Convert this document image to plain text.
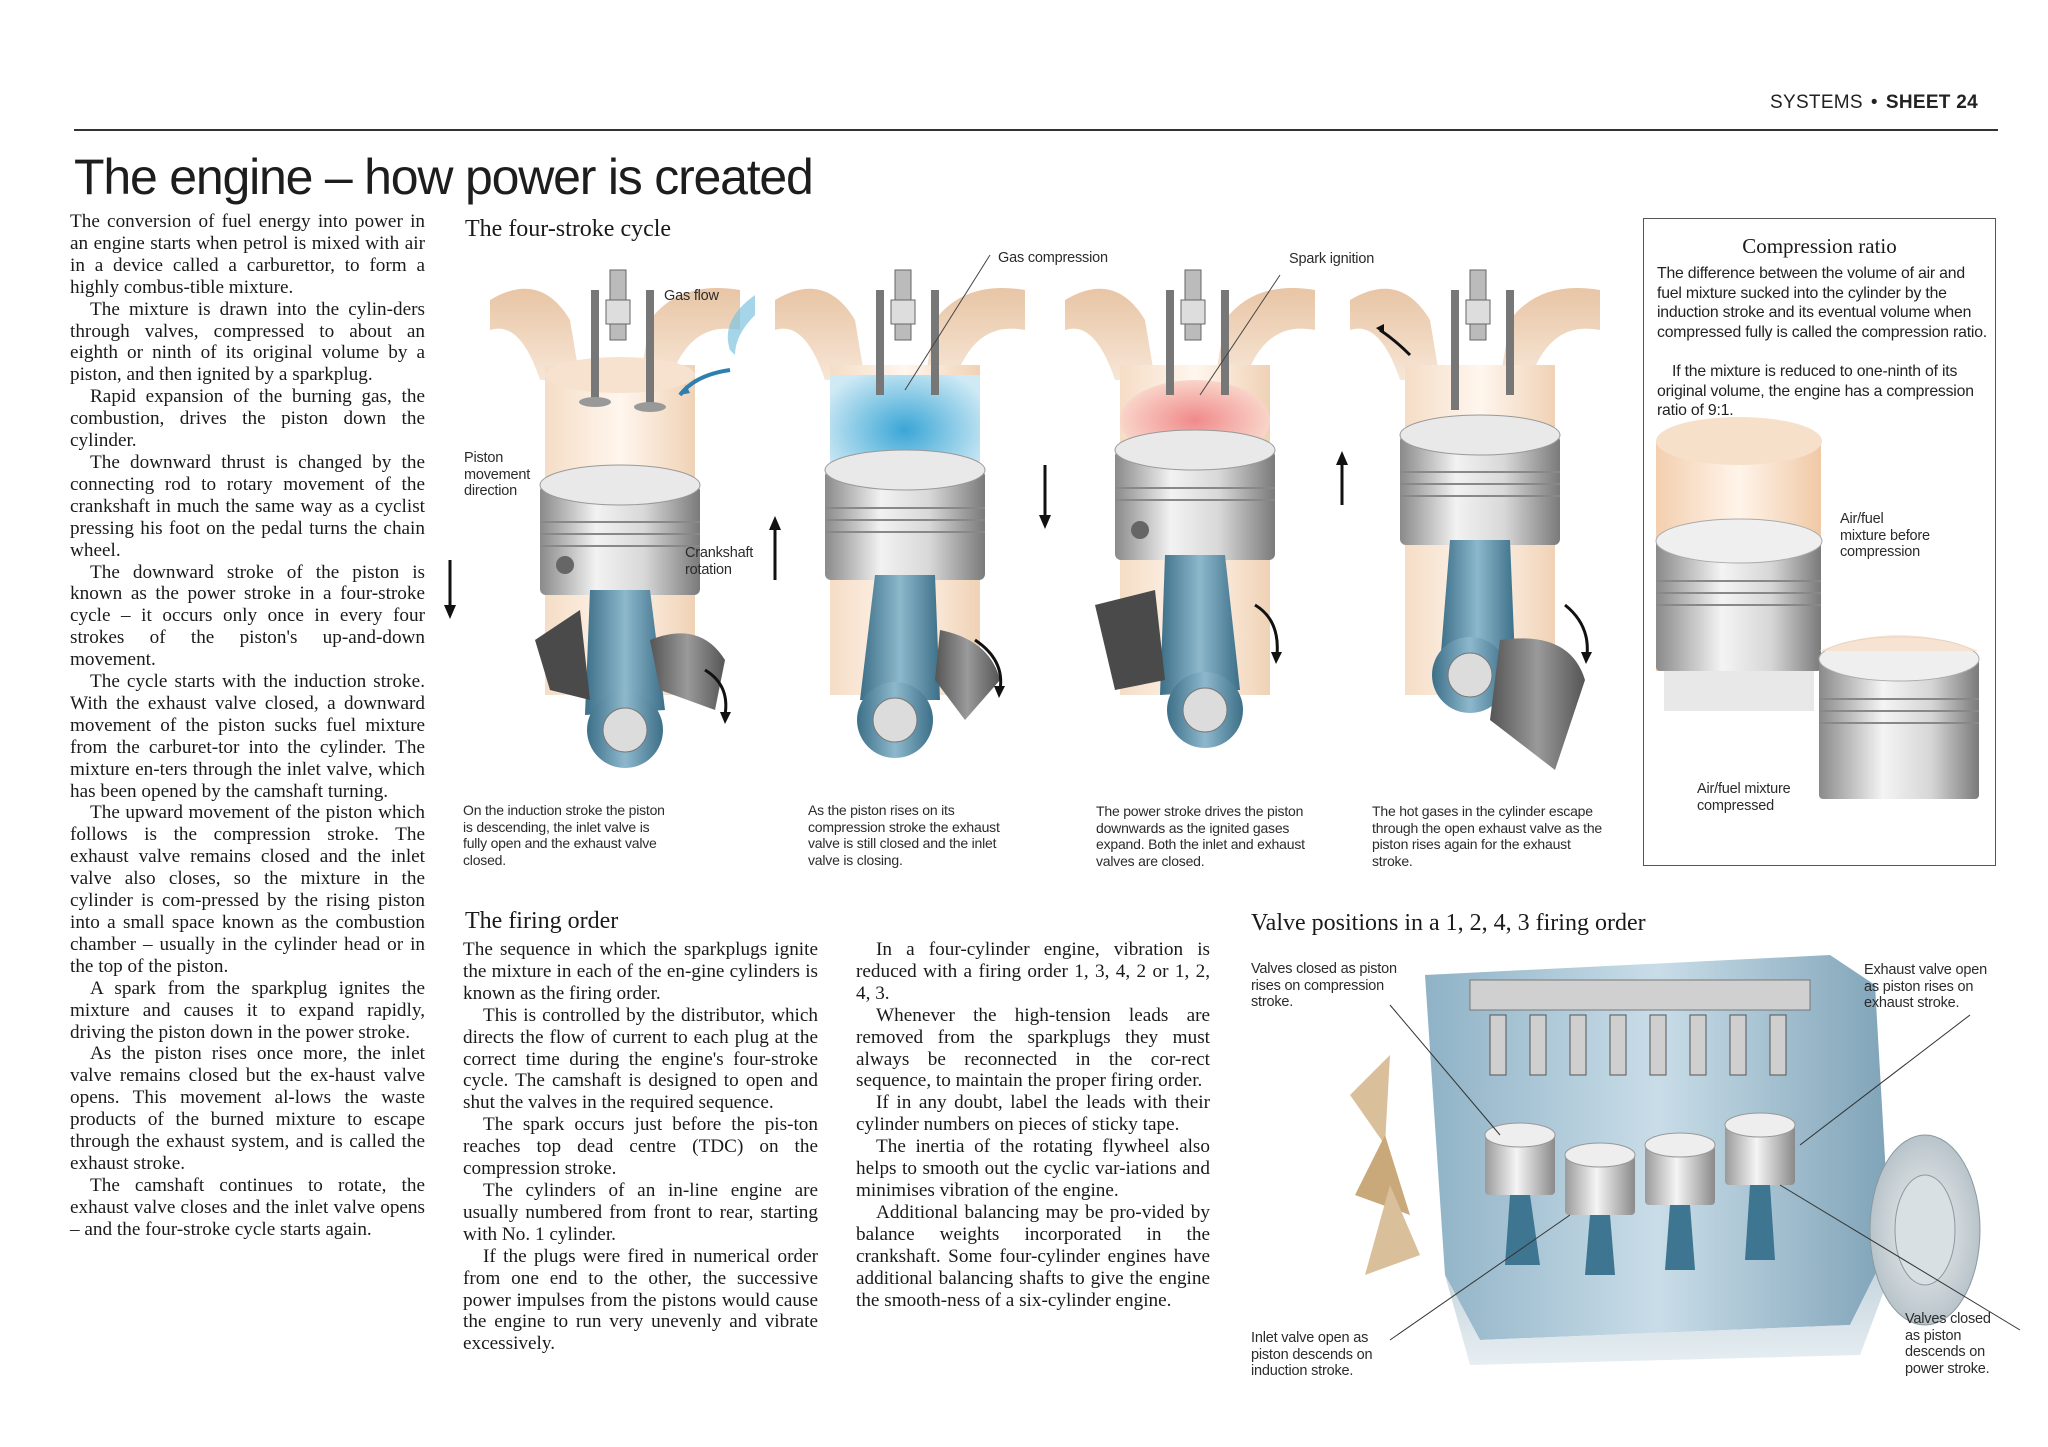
SYSTEMS • SHEET 24
The engine – how power is created

The conversion of fuel energy into power in an engine starts when petrol is mixed with air in a device called a carburettor, to form a highly combus-tible mixture.

The mixture is drawn into the cylin-ders through valves, compressed to about an eighth or ninth of its original volume by a piston, and then ignited by a sparkplug.

Rapid expansion of the burning gas, the combustion, drives the piston down the cylinder.

The downward thrust is changed by the connecting rod to rotary movement of the crankshaft in much the same way as a cyclist pressing his foot on the pedal turns the chain wheel.

The downward stroke of the piston is known as the power stroke in a four-stroke cycle – it occurs only once in every four strokes of the piston's up-and-down movement.

The cycle starts with the induction stroke. With the exhaust valve closed, a downward movement of the piston sucks fuel mixture from the carburet-tor into the cylinder. The mixture en-ters through the inlet valve, which has been opened by the camshaft turning.

The upward movement of the piston which follows is the compression stroke. The exhaust valve remains closed and the inlet valve also closes, so the mixture in the cylinder is com-pressed by the rising piston into a small space known as the combustion chamber – usually in the cylinder head or in the top of the piston.

A spark from the sparkplug ignites the mixture and causes it to expand rapidly, driving the piston down in the power stroke.

As the piston rises once more, the inlet valve remains closed but the ex-haust valve opens. This movement al-lows the waste products of the burned mixture to escape through the exhaust system, and is called the exhaust stroke.

The camshaft continues to rotate, the exhaust valve closes and the inlet valve opens – and the four-stroke cycle starts again.

The four-stroke cycle
Gas flow
Piston movement direction
Crankshaft rotation
Gas compression	Spark ignition
On the induction stroke the piston is descending, the inlet valve is fully open and the exhaust valve closed.
As the piston rises on its compression stroke the exhaust valve is still closed and the inlet valve is closing.
The power stroke drives the piston downwards as the ignited gases expand. Both the inlet and exhaust valves are closed.
The hot gases in the cylinder escape through the open exhaust valve as the piston rises again for the exhaust stroke.
Compression ratio
The difference between the volume of air and fuel mixture sucked into the cylinder by the induction stroke and its eventual volume when compressed fully is called the compression ratio.
If the mixture is reduced to one-ninth of its original volume, the engine has a compression ratio of 9:1.
Air/fuel mixture before compression
Air/fuel mixture compressed
The firing order

The sequence in which the sparkplugs ignite the mixture in each of the en-gine cylinders is known as the firing order.

This is controlled by the distributor, which directs the flow of current to each plug at the correct time during the engine's four-stroke cycle. The camshaft is designed to open and shut the valves in the required sequence.

The spark occurs just before the pis-ton reaches top dead centre (TDC) on the compression stroke.

The cylinders of an in-line engine are usually numbered from front to rear, starting with No. 1 cylinder.

If the plugs were fired in numerical order from one end to the other, the successive power impulses from the pistons would cause the engine to run very unevenly and vibrate excessively.

In a four-cylinder engine, vibration is reduced with a firing order 1, 3, 4, 2 or 1, 2, 4, 3.

Whenever the high-tension leads are removed from the sparkplugs they must always be reconnected in the cor-rect sequence, to maintain the proper firing order.

If in any doubt, label the leads with their cylinder numbers on pieces of sticky tape.

The inertia of the rotating flywheel also helps to smooth out the cyclic var-iations and minimises vibration of the engine.

Additional balancing may be pro-vided by balance weights incorporated in the crankshaft. Some four-cylinder engines have additional balancing shafts to give the engine the smooth-ness of a six-cylinder engine.

Valve positions in a 1, 2, 4, 3 firing order
Valves closed as piston rises on compression stroke.
Exhaust valve open as piston rises on exhaust stroke.
Inlet valve open as piston descends on induction stroke.
Valves closed as piston descends on power stroke.
